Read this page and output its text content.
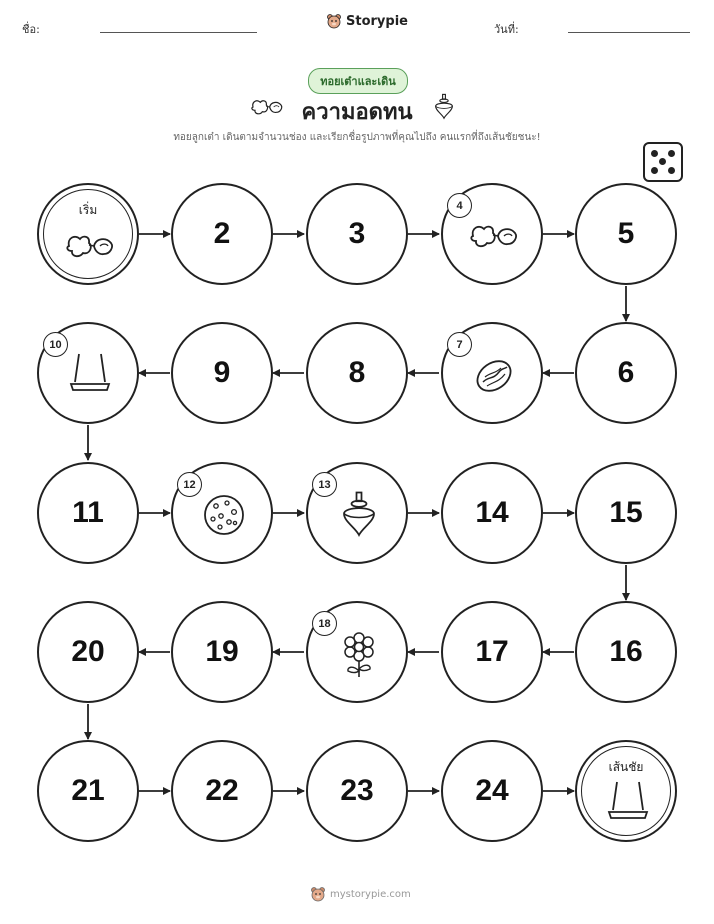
ชื่อ:
Storypie
วันที่:
ทอยเต๋าและเดิน
ความอดทน
ทอยลูกเต๋า เดินตามจำนวนช่อง และเรียกชื่อรูปภาพที่คุณไปถึง คนแรกที่ถึงเส้นชัยชนะ!
เริ่ม
2	3
4
5
10
9	8
7
6
11
12	13
14	15
20	19
18
17	16
21	22	23	24
เส้นชัย
mystorypie.com
